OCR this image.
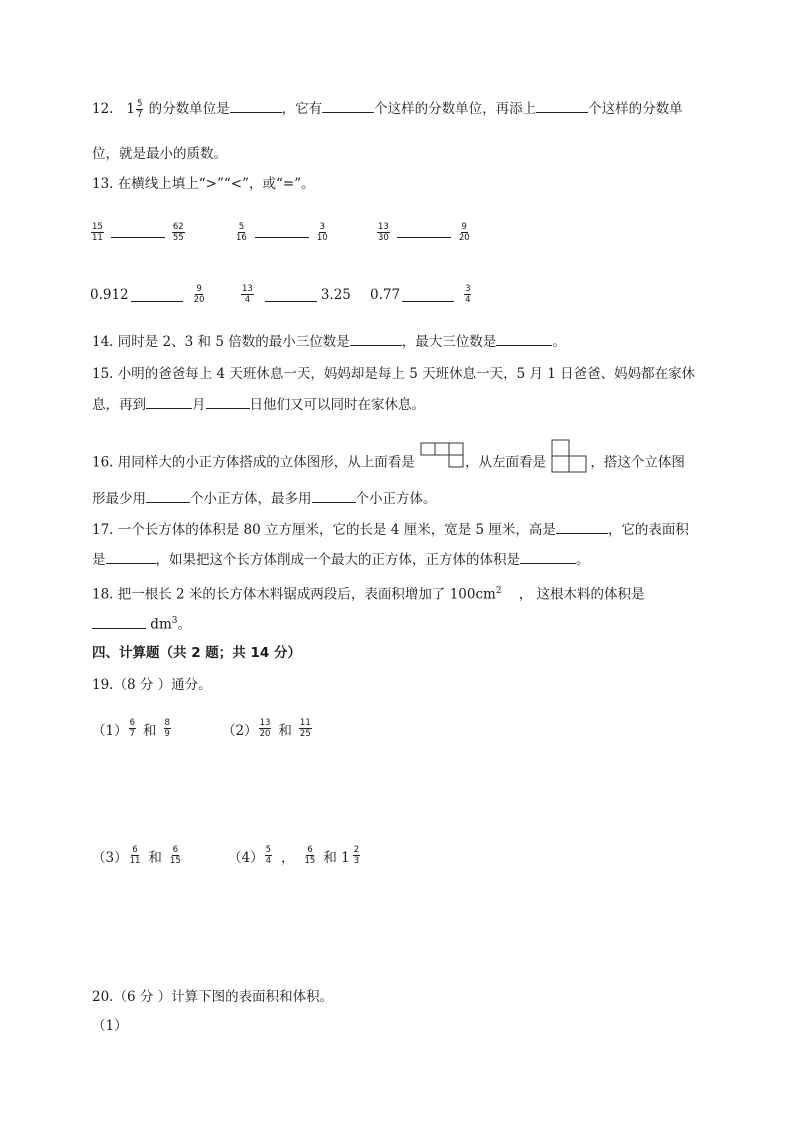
12. $1 \frac{5}{7}$ 的分数单位是	，它有	个这样的分数单位，再添上	个这样的分数单
位，就是最小的质数。
13. 在横线上填上“>”“<”，或“=”。
$\frac{15}{11}$	$\frac{62}{55}$	$\frac{5}{16}$	$\frac{3}{10}$	$\frac{13}{30}$	$\frac{9}{20}$
0.912	$\frac{9}{20}$	$\frac{13}{4}$	3.25 0.77	$\frac{3}{4}$
14. 同时是 2、3 和 5 倍数的最小三位数是	，最大三位数是	。
15. 小明的爸爸每上 4 天班休息一天，妈妈却是每上 5 天班休息一天，5 月 1 日爸爸、妈妈都在家休
息，再到	月	日他们又可以同时在家休息。
16. 用同样大的小正方体搭成的立体图形，从上面看是	，从左面看是	，搭这个立体图
形最少用	个小正方体，最多用	个小正方体。
17. 一个长方体的体积是 80 立方厘米，它的长是 4 厘米，宽是 5 厘米，高是	，它的表面积
是	，如果把这个长方体削成一个最大的正方体，正方体的体积是	。
18. 把一根长 2 米的长方体木料锯成两段后，表面积增加了 $100cm^2$ ， 这根木料的体积是
$dm^3$。
四、计算题（共 2 题；共 14 分）
19.（8 分 ）通分。
$(1) \frac{6}{7}$ 和 $\frac{8}{9}$	$(2) \frac{13}{20}$ 和 $\frac{11}{25}$
$(3) \frac{6}{11}$ 和 $\frac{6}{15}$	$(4) \frac{5}{4}$ ， $\frac{6}{15}$ 和 $1 \frac{2}{3}$
20.（6 分 ）计算下图的表面积和体积。
（1）
